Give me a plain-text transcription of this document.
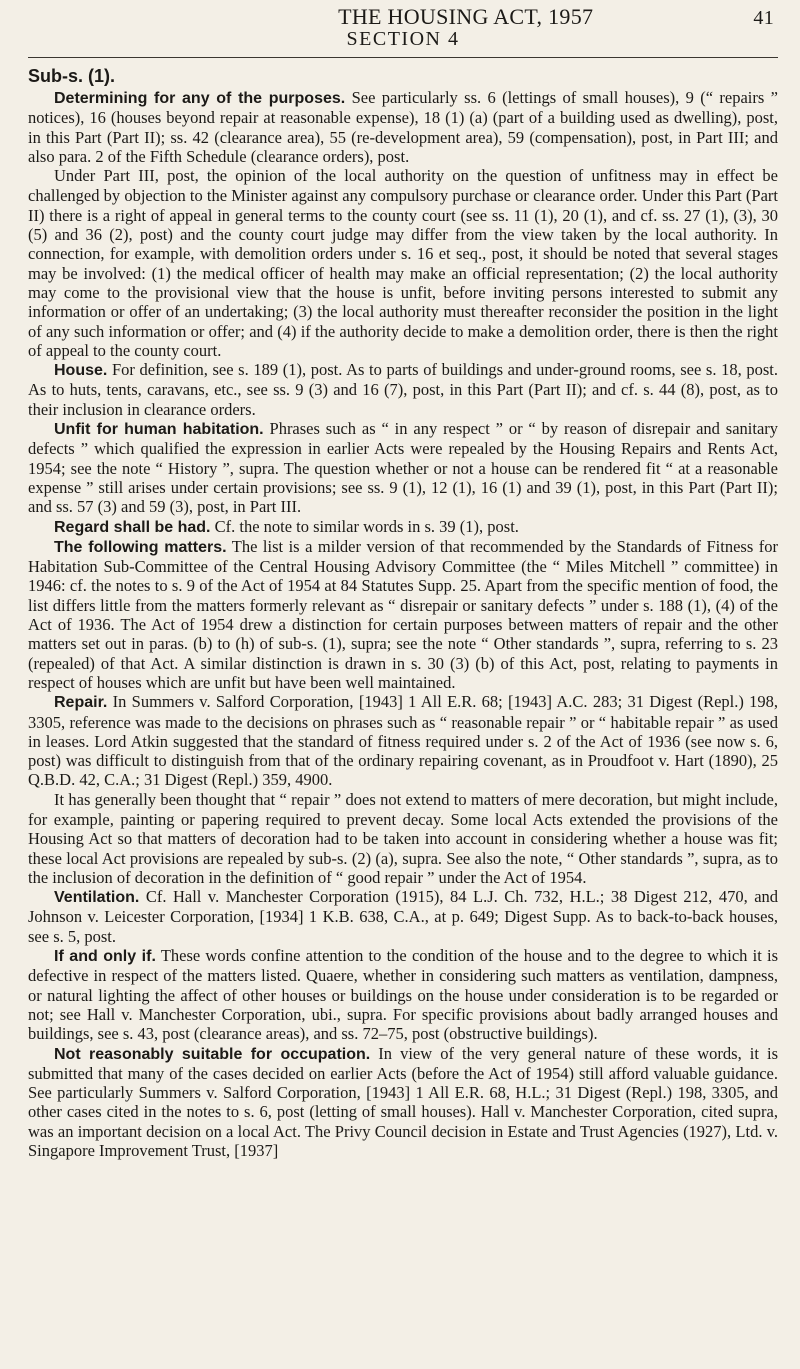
THE HOUSING ACT, 1957	41
SECTION 4
Sub-s. (1).

Determining for any of the purposes. See particularly ss. 6 (lettings of small houses), 9 (“ repairs ” notices), 16 (houses beyond repair at reasonable expense), 18 (1) (a) (part of a building used as dwelling), post, in this Part (Part II); ss. 42 (clearance area), 55 (re-development area), 59 (compensation), post, in Part III; and also para. 2 of the Fifth Schedule (clearance orders), post.

Under Part III, post, the opinion of the local authority on the question of unfitness may in effect be challenged by objection to the Minister against any compulsory purchase or clearance order. Under this Part (Part II) there is a right of appeal in general terms to the county court (see ss. 11 (1), 20 (1), and cf. ss. 27 (1), (3), 30 (5) and 36 (2), post) and the county court judge may differ from the view taken by the local authority. In connection, for example, with demolition orders under s. 16 et seq., post, it should be noted that several stages may be involved: (1) the medical officer of health may make an official representation; (2) the local authority may come to the provisional view that the house is unfit, before inviting persons interested to submit any information or offer of an undertaking; (3) the local authority must thereafter reconsider the position in the light of any such information or offer; and (4) if the authority decide to make a demolition order, there is then the right of appeal to the county court.

House. For definition, see s. 189 (1), post. As to parts of buildings and under-ground rooms, see s. 18, post. As to huts, tents, caravans, etc., see ss. 9 (3) and 16 (7), post, in this Part (Part II); and cf. s. 44 (8), post, as to their inclusion in clearance orders.

Unfit for human habitation. Phrases such as “ in any respect ” or “ by reason of disrepair and sanitary defects ” which qualified the expression in earlier Acts were repealed by the Housing Repairs and Rents Act, 1954; see the note “ History ”, supra. The question whether or not a house can be rendered fit “ at a reasonable expense ” still arises under certain provisions; see ss. 9 (1), 12 (1), 16 (1) and 39 (1), post, in this Part (Part II); and ss. 57 (3) and 59 (3), post, in Part III.

Regard shall be had. Cf. the note to similar words in s. 39 (1), post.

The following matters. The list is a milder version of that recommended by the Standards of Fitness for Habitation Sub-Committee of the Central Housing Advisory Committee (the “ Miles Mitchell ” committee) in 1946: cf. the notes to s. 9 of the Act of 1954 at 84 Statutes Supp. 25. Apart from the specific mention of food, the list differs little from the matters formerly relevant as “ disrepair or sanitary defects ” under s. 188 (1), (4) of the Act of 1936. The Act of 1954 drew a distinction for certain purposes between matters of repair and the other matters set out in paras. (b) to (h) of sub-s. (1), supra; see the note “ Other standards ”, supra, referring to s. 23 (repealed) of that Act. A similar distinction is drawn in s. 30 (3) (b) of this Act, post, relating to payments in respect of houses which are unfit but have been well maintained.

Repair. In Summers v. Salford Corporation, [1943] 1 All E.R. 68; [1943] A.C. 283; 31 Digest (Repl.) 198, 3305, reference was made to the decisions on phrases such as “ reasonable repair ” or “ habitable repair ” as used in leases. Lord Atkin suggested that the standard of fitness required under s. 2 of the Act of 1936 (see now s. 6, post) was difficult to distinguish from that of the ordinary repairing covenant, as in Proudfoot v. Hart (1890), 25 Q.B.D. 42, C.A.; 31 Digest (Repl.) 359, 4900.

It has generally been thought that “ repair ” does not extend to matters of mere decoration, but might include, for example, painting or papering required to prevent decay. Some local Acts extended the provisions of the Housing Act so that matters of decoration had to be taken into account in considering whether a house was fit; these local Act provisions are repealed by sub-s. (2) (a), supra. See also the note, “ Other standards ”, supra, as to the inclusion of decoration in the definition of “ good repair ” under the Act of 1954.

Ventilation. Cf. Hall v. Manchester Corporation (1915), 84 L.J. Ch. 732, H.L.; 38 Digest 212, 470, and Johnson v. Leicester Corporation, [1934] 1 K.B. 638, C.A., at p. 649; Digest Supp. As to back-to-back houses, see s. 5, post.

If and only if. These words confine attention to the condition of the house and to the degree to which it is defective in respect of the matters listed. Quaere, whether in considering such matters as ventilation, dampness, or natural lighting the affect of other houses or buildings on the house under consideration is to be regarded or not; see Hall v. Manchester Corporation, ubi., supra. For specific provisions about badly arranged houses and buildings, see s. 43, post (clearance areas), and ss. 72–75, post (obstructive buildings).

Not reasonably suitable for occupation. In view of the very general nature of these words, it is submitted that many of the cases decided on earlier Acts (before the Act of 1954) still afford valuable guidance. See particularly Summers v. Salford Corporation, [1943] 1 All E.R. 68, H.L.; 31 Digest (Repl.) 198, 3305, and other cases cited in the notes to s. 6, post (letting of small houses). Hall v. Manchester Corporation, cited supra, was an important decision on a local Act. The Privy Council decision in Estate and Trust Agencies (1927), Ltd. v. Singapore Improvement Trust, [1937]
